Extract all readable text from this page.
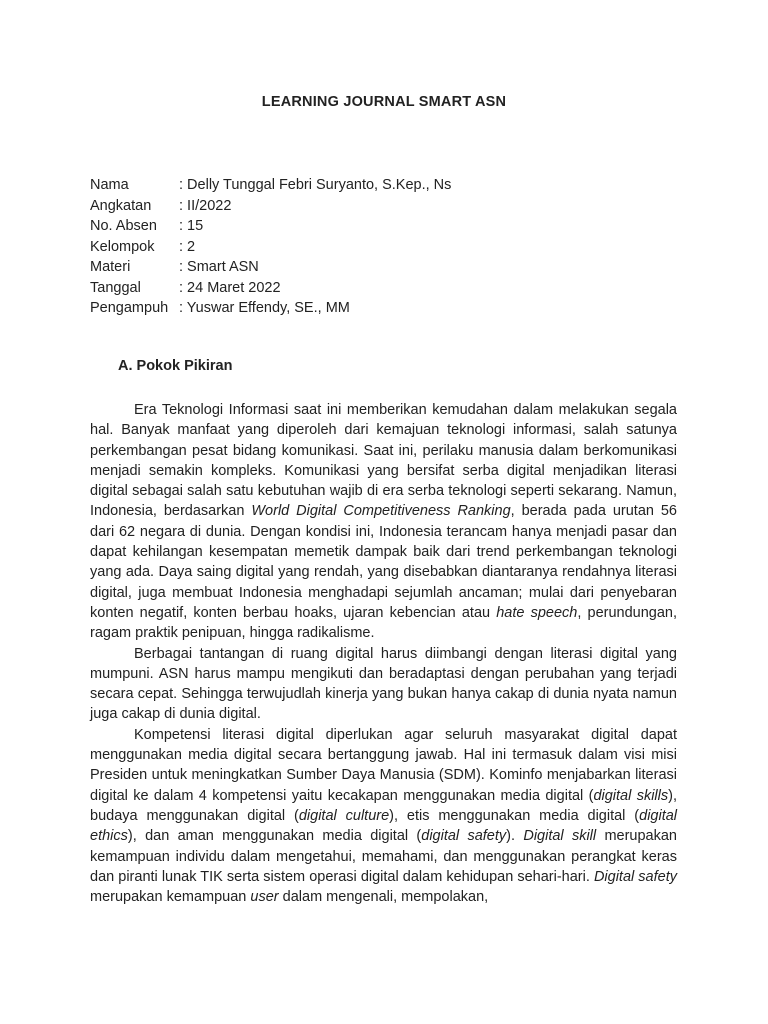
LEARNING JOURNAL SMART ASN
Nama	: Delly Tunggal Febri Suryanto, S.Kep., Ns
Angkatan : II/2022
No. Absen : 15
Kelompok : 2
Materi	: Smart ASN
Tanggal	: 24 Maret 2022
Pengampuh : Yuswar Effendy, SE., MM
A. Pokok Pikiran

Era Teknologi Informasi saat ini memberikan kemudahan dalam melakukan segala hal. Banyak manfaat yang diperoleh dari kemajuan teknologi informasi, salah satunya perkembangan pesat bidang komunikasi. Saat ini, perilaku manusia dalam berkomunikasi menjadi semakin kompleks. Komunikasi yang bersifat serba digital menjadikan literasi digital sebagai salah satu kebutuhan wajib di era serba teknologi seperti sekarang. Namun, Indonesia, berdasarkan World Digital Competitiveness Ranking, berada pada urutan 56 dari 62 negara di dunia. Dengan kondisi ini, Indonesia terancam hanya menjadi pasar dan dapat kehilangan kesempatan memetik dampak baik dari trend perkembangan teknologi yang ada. Daya saing digital yang rendah, yang disebabkan diantaranya rendahnya literasi digital, juga membuat Indonesia menghadapi sejumlah ancaman; mulai dari penyebaran konten negatif, konten berbau hoaks, ujaran kebencian atau hate speech, perundungan, ragam praktik penipuan, hingga radikalisme.

Berbagai tantangan di ruang digital harus diimbangi dengan literasi digital yang mumpuni. ASN harus mampu mengikuti dan beradaptasi dengan perubahan yang terjadi secara cepat. Sehingga terwujudlah kinerja yang bukan hanya cakap di dunia nyata namun juga cakap di dunia digital.

Kompetensi literasi digital diperlukan agar seluruh masyarakat digital dapat menggunakan media digital secara bertanggung jawab. Hal ini termasuk dalam visi misi Presiden untuk meningkatkan Sumber Daya Manusia (SDM). Kominfo menjabarkan literasi digital ke dalam 4 kompetensi yaitu kecakapan menggunakan media digital (digital skills), budaya menggunakan digital (digital culture), etis menggunakan media digital (digital ethics), dan aman menggunakan media digital (digital safety). Digital skill merupakan kemampuan individu dalam mengetahui, memahami, dan menggunakan perangkat keras dan piranti lunak TIK serta sistem operasi digital dalam kehidupan sehari-hari. Digital safety merupakan kemampuan user dalam mengenali, mempolakan,
